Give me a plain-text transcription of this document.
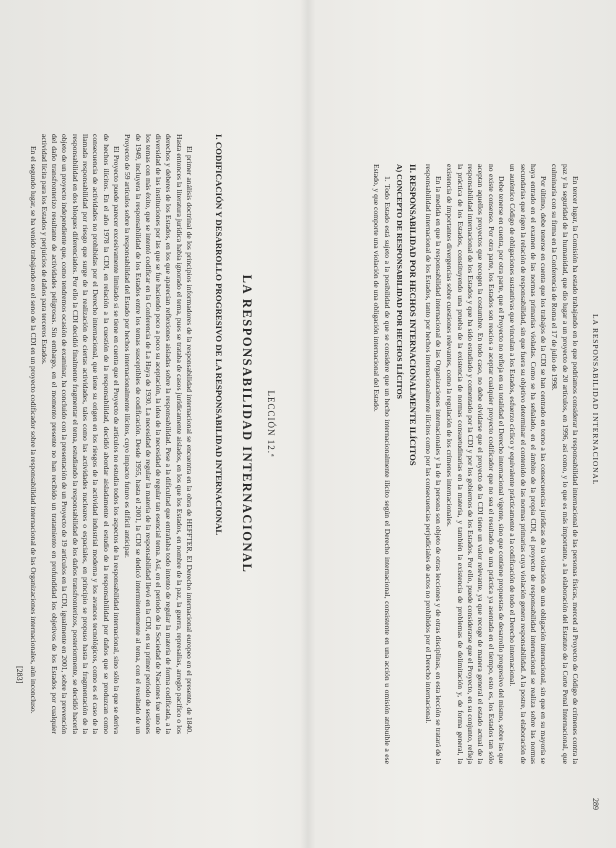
LECCIÓN 12.ª
LA RESPONSABILIDAD INTERNACIONAL
I. CODIFICACIÓN Y DESARROLLO PROGRESIVO DE LA RESPONSABILIDAD INTERNACIONAL

El primer análisis doctrinal de los principios informadores de la responsabilidad internacional se encuentra en la obra de HEFFTER, El Derecho internacional europeo en el presente, de 1840. Hasta entonces la literatura jurídica había ignorado el tema, pues se trataba de casos jurídicamente aislados, en los que los Estados, en nombre de la paz, la guerra, represalias, arreglo pacífico o los derechos y deberes de los Estados, en los que aparecían reflexiones aisladas sobre la responsabilidad. Pese a la dificultad que entrañaba todo intento de regular la materia de forma codificada, a la diversidad de las instituciones por las que se fue haciendo poco a poco su aceptación, la idea de la necesidad de regular tan esencial tema. Así, en el periodo de la Sociedad de Naciones fue uno de los temas con más éxito, que se intentó codificar en la Conferencia de La Haya de 1930. La necesidad de regular la materia de la responsabilidad llevó en la CDI, en su primer periodo de sesiones de 1949, incluyera la responsabilidad de los Estados entre los temas susceptibles de codificación. Desde 1955, hasta el 2001, la CDI se dedicó intermitentemente al tema, con el resultado de un Proyecto de 59 artículos sobre la responsabilidad del Estado por hechos internacionalmente ilícitos, cuyo impacto futuro es difícil anticipar.

El Proyecto puede parecer excesivamente limitado si se tiene en cuenta que el Proyecto de artículos no estudia todos los aspectos de la responsabilidad internacional, sino sólo la que se deriva de hechos ilícitos. En el año 1978 la CDI, en relación a la cuestión de la responsabilidad, decidió abordar aisladamente el estudio de la responsabilidad por daños que se produzcan como consecuencia de actividades no prohibidas por el Derecho internacional, que tiene su origen en los riesgos de la actividad industrial moderna y los avances tecnológicos, como es el caso de la llamada responsabilidad por riesgo que surge de la realización de ciertas actividades, tales como las actividades nucleares o espaciales, en principio se propuso hasta la fragmentación de la responsabilidad en dos bloques diferenciados. Por ello la CDI decidió finalmente fragmentar el tema, estudiando la responsabilidad de los daños transfronterizos, posteriormente, se decidió hacerla objeto de un proyecto independiente que, como tendremos ocasión de examinar, ha concluido con la presentación de un Proyecto de 19 artículos en la CDI, igualmente en 2001, sobre la prevención del daño transfronterizo resultante de actividades peligrosas. Sin embargo, en el momento presente no han recibido un tratamiento en profundidad los objetivos de los Estados por cualquier actividad lícita para los Estados y perjuicios de daños para terceros Estados.

En el segundo lugar, se ha venido trabajando en el seno de la CDI en un proyecto codificador sobre la responsabilidad internacional de las Organizaciones internacionales, aún inconcluso.

[283]
LA RESPONSABILIDAD INTERNACIONAL
289

En tercer lugar, la Comisión ha estado trabajando en lo que podríamos considerar la responsabilidad internacional de las personas físicas, merced al Proyecto de Código de crímenes contra la paz y la seguridad de la humanidad, que dio lugar a un proyecto de 20 artículos, en 1996, así como, y lo que es más importante, a la elaboración del Estatuto de la Corte Penal Internacional, que culminaría con su firma en la Conferencia de Roma el 17 de julio de 1998.

Por último, debe tenerse en cuenta que los trabajos de la CDI se han centrado en torno a las consecuencias jurídicas de la violación de una obligación internacional, sin que en su mayoría se haya entrado en el examen de las normas primarias violadas. Como se ha señalado, en el ámbito de la propia CDI, el proyecto de responsabilidad internacional se realiza sobre las normas secundarias que rigen la relación de responsabilidad, sin que fuera su objetivo determinar el contenido de las normas primarias cuya violación genera responsabilidad. A la postre, la elaboración de un auténtico Código de obligaciones sustantivas que vinculan a los Estados, esfuerzo cíclico y equivalente prácticamente a la codificación de todo el Derecho internacional.

Debe tenerse en cuenta, por otra parte, que el Proyecto no refleja en su totalidad el Derecho internacional vigente, sino que contiene propuestas de desarrollo progresivo del mismo, sobre las que no existe consenso. Por otra parte, los Estados son reacios a aceptar cualquier proyecto codificador que no sea el resultado de una práctica ya asentada en el tiempo, esto es, los Estados tan sólo aceptan aquellos proyectos que recogen la costumbre. En todo caso, no debe olvidarse que el proyecto de la CDI tiene un valor relevante, ya que recoge de manera general el estado actual de la responsabilidad internacional de los Estados y que ha sido estudiado y comentado por la CDI y por los gobiernos de los Estados. Por ello, puede considerarse que el Proyecto, en su conjunto, refleja la práctica de los Estados, constituyendo una prueba de la existencia de normas consuetudinarias en la materia, y también la existencia de problemas de delimitación y, de forma general, la existencia de importantes divergencias sobre cuestiones relevantes, como la regulación de los crímenes internacionales.

En la medida en que la responsabilidad internacional de las Organizaciones internacionales y la de la persona son objeto de otras lecciones y de otras disciplinas, en esta lección se tratará de la responsabilidad internacional de los Estados, tanto por hechos internacionalmente ilícitos como por las consecuencias perjudiciales de actos no prohibidos por el Derecho internacional.

II. RESPONSABILIDAD POR HECHOS INTERNACIONALMENTE ILÍCITOS
A) CONCEPTO DE RESPONSABILIDAD POR HECHOS ILÍCITOS

1. Todo Estado está sujeto a la posibilidad de que se considere que un hecho internacionalmente ilícito según el Derecho internacional, consistente en una acción u omisión atribuible a ese Estado, y que comporte una violación de una obligación internacional del Estado.
